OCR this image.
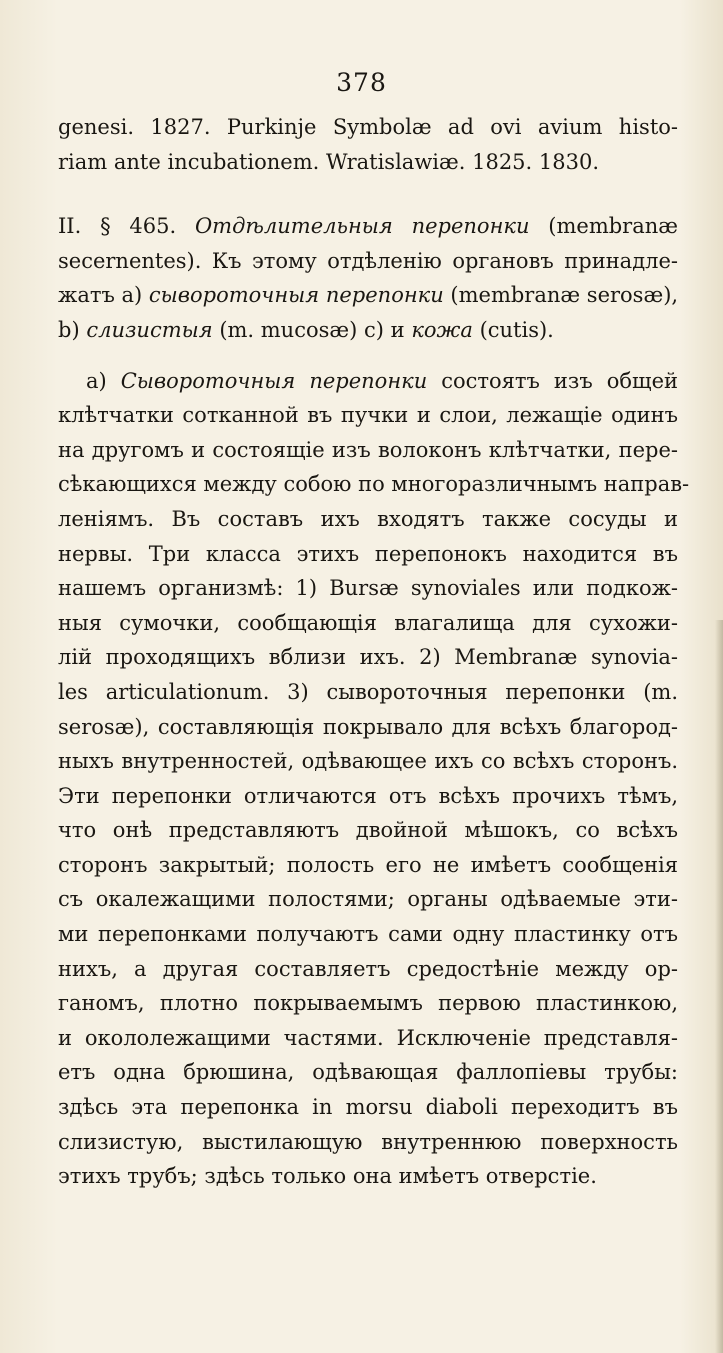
378
genesi. 1827. Purkinje Symbolæ ad ovi avium histo-
riam ante incubationem. Wratislawiæ. 1825. 1830.
II. § 465. Отдѣлительныя перепонки (membranæ
secernentes). Къ этому отдѣленію органовъ принадле-
жатъ a) сывороточныя перепонки (membranæ serosæ),
b) слизистыя (m. mucosæ) c) и кожа (cutis).
a) Сывороточныя перепонки состоятъ изъ общей
клѣтчатки сотканной въ пучки и слои, лежащіе одинъ
на другомъ и состоящіе изъ волоконъ клѣтчатки, пере-
сѣкающихся между собою по многоразличнымъ направ-
леніямъ. Въ составъ ихъ входятъ также сосуды и
нервы. Три класса этихъ перепонокъ находится въ
нашемъ организмѣ: 1) Bursæ synoviales или подкож-
ныя сумочки, сообщающія влагалища для сухожи-
лій проходящихъ вблизи ихъ. 2) Membranæ synovia-
les articulationum. 3) сывороточныя перепонки (m.
serosæ), составляющія покрывало для всѣхъ благород-
ныхъ внутренностей, одѣвающее ихъ со всѣхъ сторонъ.
Эти перепонки отличаются отъ всѣхъ прочихъ тѣмъ,
что онѣ представляютъ двойной мѣшокъ, со всѣхъ
сторонъ закрытый; полость его не имѣетъ сообщенія
съ окалежащими полостями; органы одѣваемые эти-
ми перепонками получаютъ сами одну пластинку отъ
нихъ, а другая составляетъ средостѣніе между ор-
ганомъ, плотно покрываемымъ первою пластинкою,
и окололежащими частями. Исключеніе представля-
етъ одна брюшина, одѣвающая фаллопіевы трубы:
здѣсь эта перепонка in morsu diaboli переходитъ въ
слизистую, выстилающую внутреннюю поверхность
этихъ трубъ; здѣсь только она имѣетъ отверстіе.
